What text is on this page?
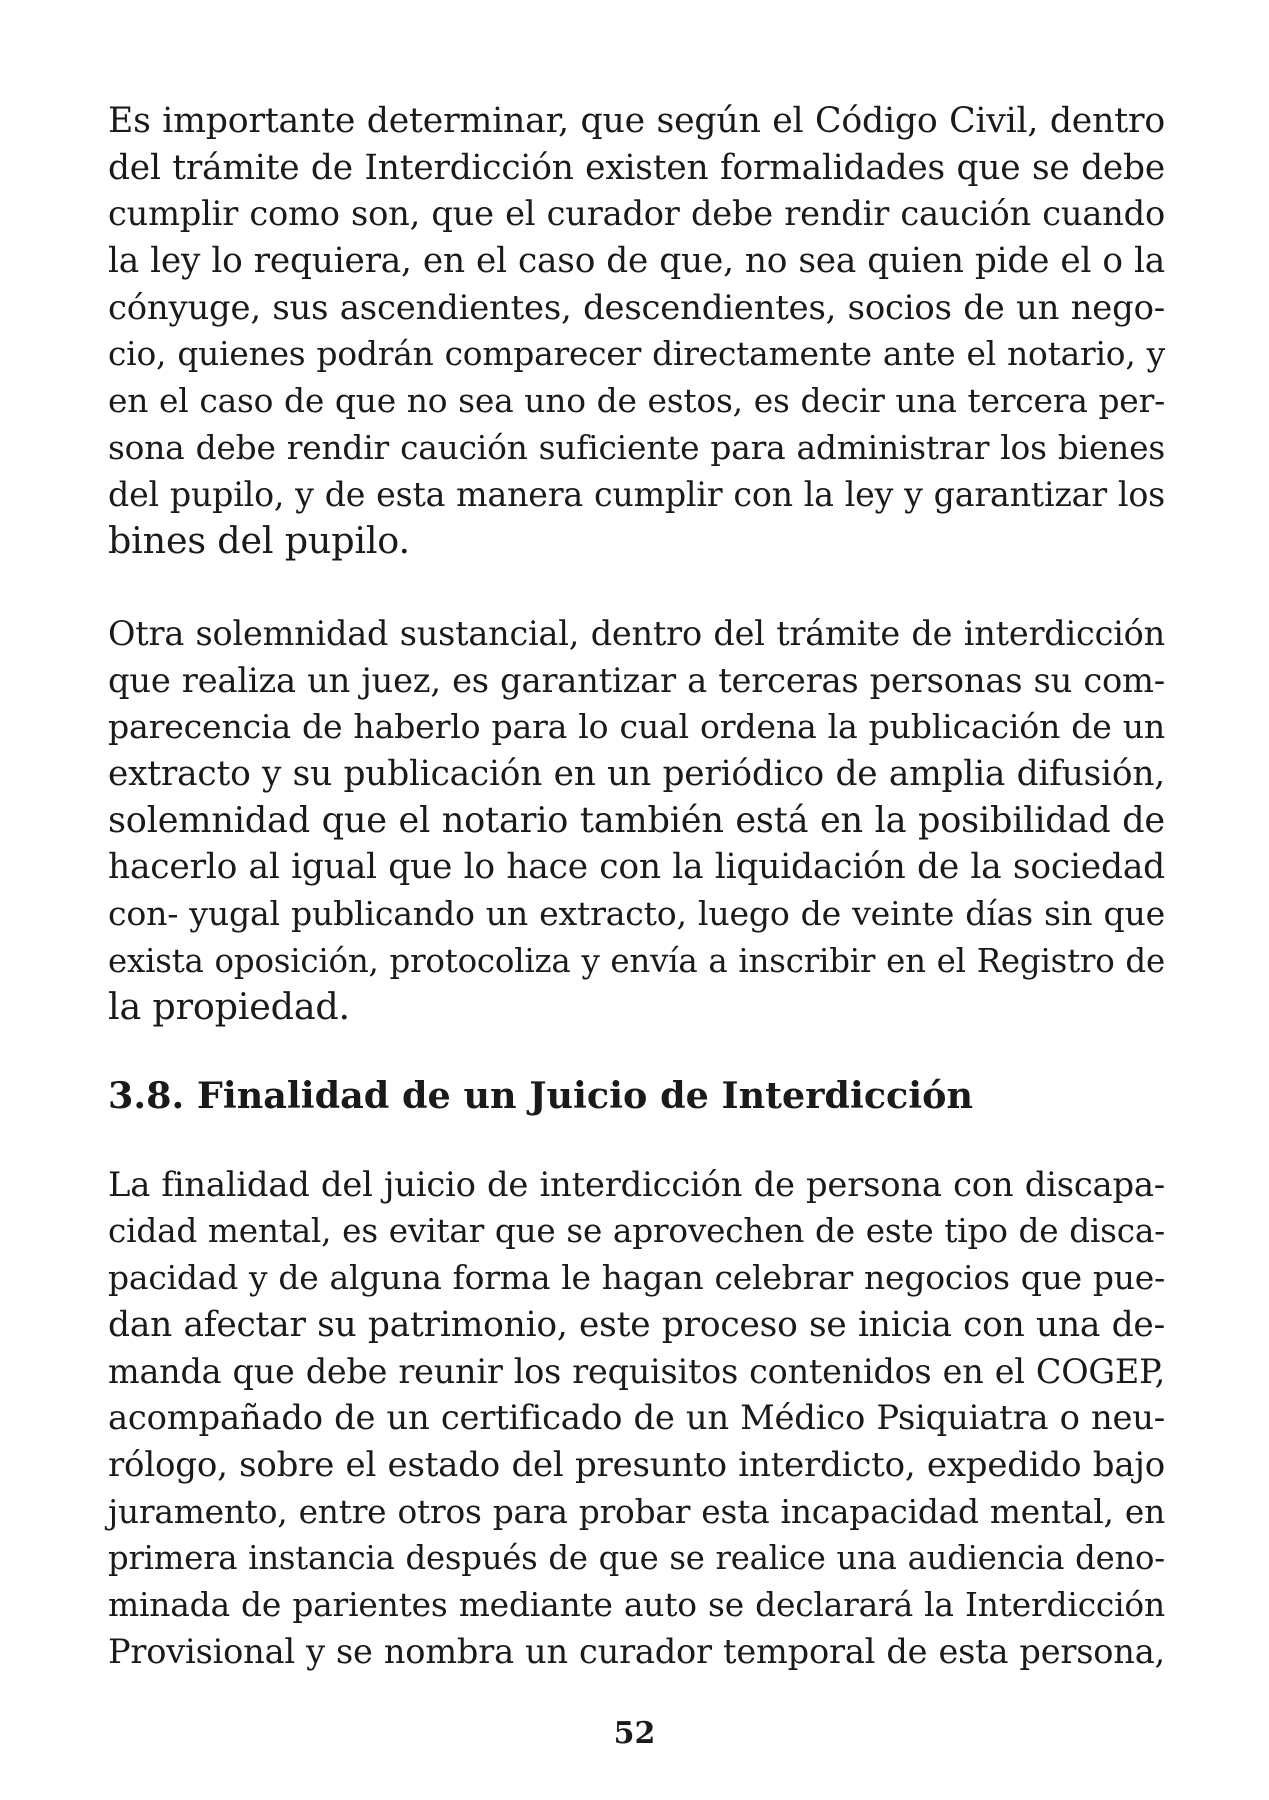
Es importante determinar, que según el Código Civil, dentro
del trámite de Interdicción existen formalidades que se debe
cumplir como son, que el curador debe rendir caución cuando
la ley lo requiera, en el caso de que, no sea quien pide el o la
cónyuge, sus ascendientes, descendientes, socios de un nego-
cio, quienes podrán comparecer directamente ante el notario, y
en el caso de que no sea uno de estos, es decir una tercera per-
sona debe rendir caución suficiente para administrar los bienes
del pupilo, y de esta manera cumplir con la ley y garantizar los
bines del pupilo.
Otra solemnidad sustancial, dentro del trámite de interdicción
que realiza un juez, es garantizar a terceras personas su com-
parecencia de haberlo para lo cual ordena la publicación de un
extracto y su publicación en un periódico de amplia difusión,
solemnidad que el notario también está en la posibilidad de
hacerlo al igual que lo hace con la liquidación de la sociedad
con- yugal publicando un extracto, luego de veinte días sin que
exista oposición, protocoliza y envía a inscribir en el Registro de
la propiedad.
3.8. Finalidad de un Juicio de Interdicción
La finalidad del juicio de interdicción de persona con discapa-
cidad mental, es evitar que se aprovechen de este tipo de disca-
pacidad y de alguna forma le hagan celebrar negocios que pue-
dan afectar su patrimonio, este proceso se inicia con una de-
manda que debe reunir los requisitos contenidos en el COGEP,
acompañado de un certificado de un Médico Psiquiatra o neu-
rólogo, sobre el estado del presunto interdicto, expedido bajo
juramento, entre otros para probar esta incapacidad mental, en
primera instancia después de que se realice una audiencia deno-
minada de parientes mediante auto se declarará la Interdicción
Provisional y se nombra un curador temporal de esta persona,
52
